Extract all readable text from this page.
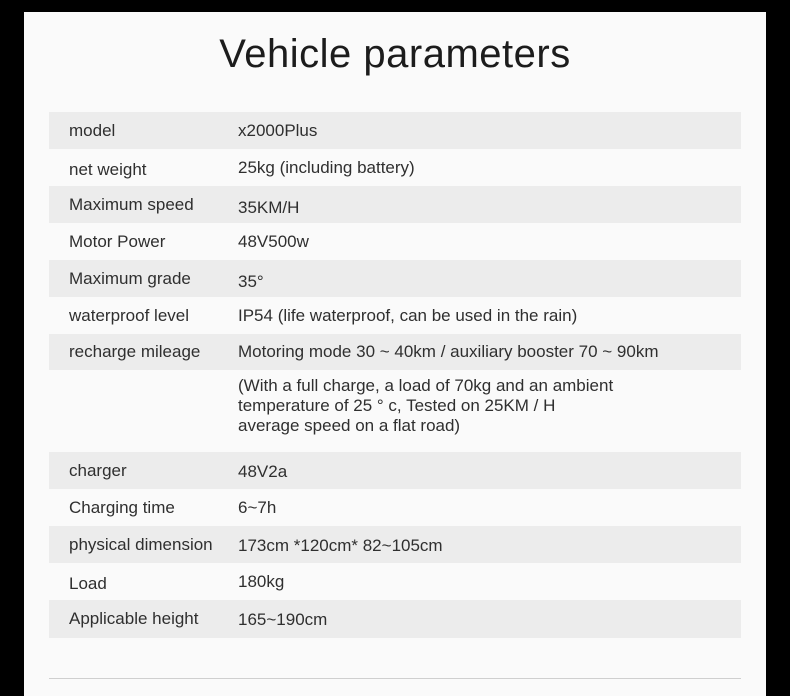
Vehicle parameters
model	x2000Plus
net weight	25kg (including battery)
Maximum speed	35KM/H
Motor Power	48V500w
Maximum grade	35°
waterproof level	IP54 (life waterproof, can be used in the rain)
recharge mileage	Motoring mode 30 ~ 40km / auxiliary booster 70 ~ 90km
(With a full charge, a load of 70kg and an ambient
temperature of 25 ° c, Tested on 25KM / H
average speed on a flat road)
charger	48V2a
Charging time	6~7h
physical dimension	173cm *120cm* 82~105cm
Load	180kg
Applicable height	165~190cm
